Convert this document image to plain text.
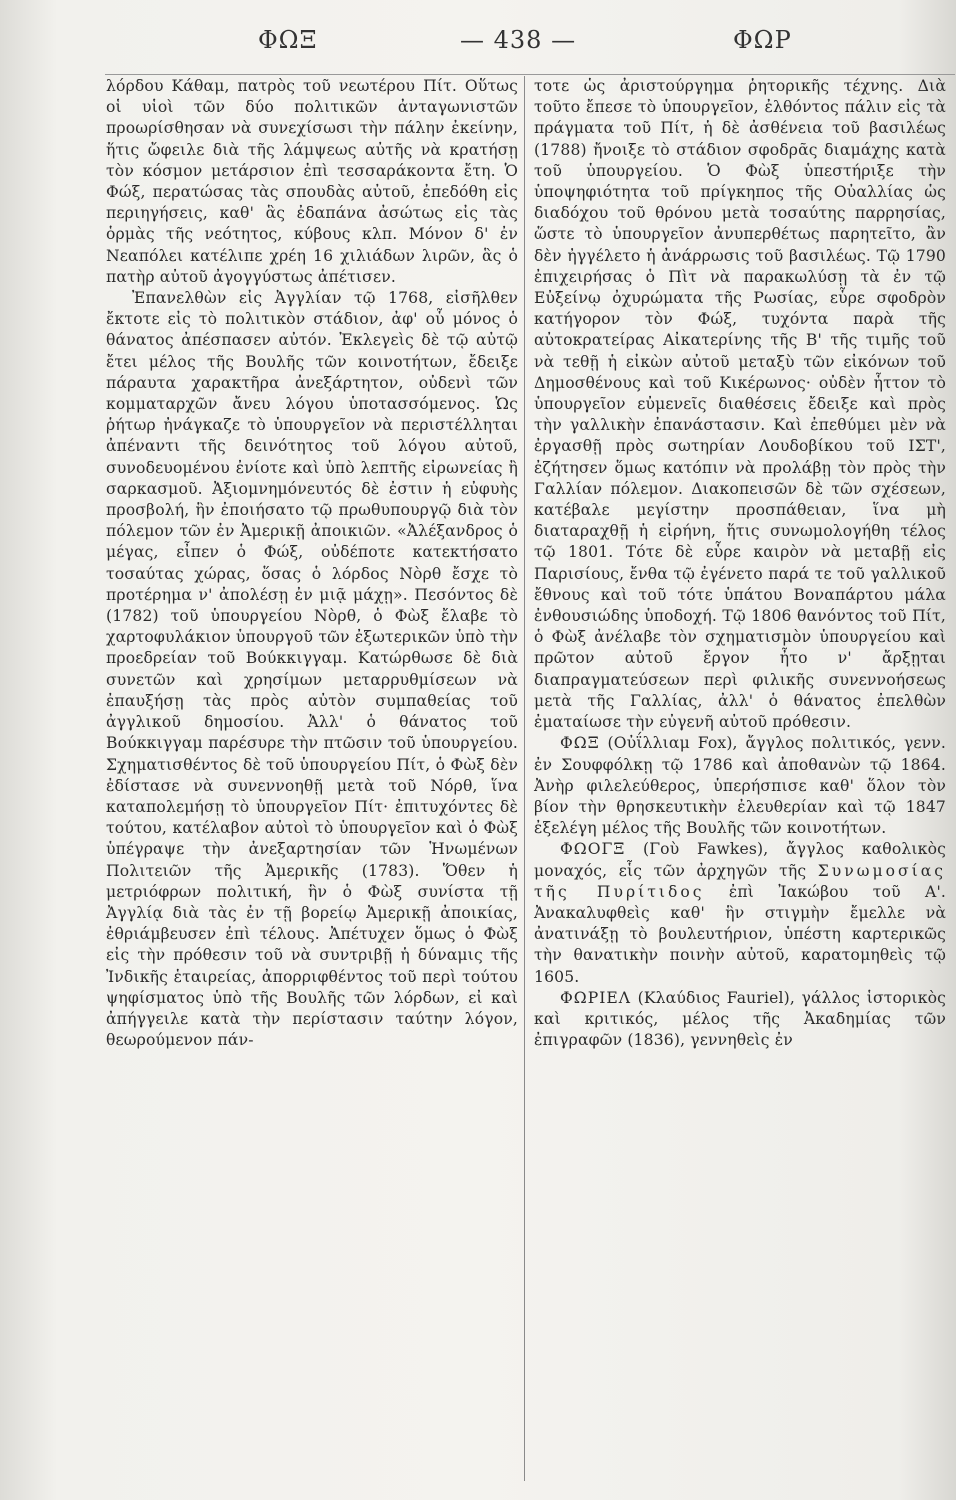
ΦΩΞ	— 438 —	ΦΩΡ

λόρδου Κάθαμ, πατρὸς τοῦ νεωτέρου Πίτ. Οὕτως οἱ υἱοὶ τῶν δύο πολιτικῶν ἀνταγωνιστῶν προωρίσθησαν νὰ συνεχίσωσι τὴν πάλην ἐκείνην, ἥτις ὤφειλε διὰ τῆς λάμψεως αὐτῆς νὰ κρατήσῃ τὸν κόσμον μετάρσιον ἐπὶ τεσσαράκοντα ἔτη. Ὁ Φώξ, περατώσας τὰς σπουδὰς αὐτοῦ, ἐπεδόθη εἰς περιηγήσεις, καθ' ἃς ἐδαπάνα ἀσώτως εἰς τὰς ὁρμὰς τῆς νεότητος, κύβους κλπ. Μόνον δ' ἐν Νεαπόλει κατέλιπε χρέη 16 χιλιάδων λιρῶν, ἃς ὁ πατὴρ αὐτοῦ ἀγογγύστως ἀπέτισεν.

Ἐπανελθὼν εἰς Ἀγγλίαν τῷ 1768, εἰσῆλθεν ἔκτοτε εἰς τὸ πολιτικὸν στάδιον, ἀφ' οὗ μόνος ὁ θάνατος ἀπέσπασεν αὐτόν. Ἐκλεγεὶς δὲ τῷ αὐτῷ ἔτει μέλος τῆς Βουλῆς τῶν κοινοτήτων, ἔδειξε πάραυτα χαρακτῆρα ἀνεξάρτητον, οὐδενὶ τῶν κομματαρχῶν ἄνευ λόγου ὑποτασσόμενος. Ὡς ῥήτωρ ἠνάγκαζε τὸ ὑπουργεῖον νὰ περιστέλληται ἀπέναντι τῆς δεινότητος τοῦ λόγου αὐτοῦ, συνοδευομένου ἐνίοτε καὶ ὑπὸ λεπτῆς εἰρωνείας ἢ σαρκασμοῦ. Ἀξιομνημόνευτός δὲ ἐστιν ἡ εὐφυὴς προσβολή, ἣν ἐποιήσατο τῷ πρωθυπουργῷ διὰ τὸν πόλεμον τῶν ἐν Ἀμερικῇ ἀποικιῶν. «Ἀλέξανδρος ὁ μέγας, εἶπεν ὁ Φώξ, οὐδέποτε κατεκτήσατο τοσαύτας χώρας, ὅσας ὁ λόρδος Νὸρθ ἔσχε τὸ προτέρημα ν' ἀπολέσῃ ἐν μιᾷ μάχῃ». Πεσόντος δὲ (1782) τοῦ ὑπουργείου Νὸρθ, ὁ Φὼξ ἔλαβε τὸ χαρτοφυλάκιον ὑπουργοῦ τῶν ἐξωτερικῶν ὑπὸ τὴν προεδρείαν τοῦ Βούκκιγγαμ. Κατώρθωσε δὲ διὰ συνετῶν καὶ χρησίμων μεταρρυθμίσεων νὰ ἐπαυξήσῃ τὰς πρὸς αὐτὸν συμπαθείας τοῦ ἀγγλικοῦ δημοσίου. Ἀλλ' ὁ θάνατος τοῦ Βούκκιγγαμ παρέσυρε τὴν πτῶσιν τοῦ ὑπουργείου. Σχηματισθέντος δὲ τοῦ ὑπουργείου Πίτ, ὁ Φὼξ δὲν ἐδίστασε νὰ συνεννοηθῇ μετὰ τοῦ Νόρθ, ἵνα καταπολεμήσῃ τὸ ὑπουργεῖον Πίτ· ἐπιτυχόντες δὲ τούτου, κατέλαβον αὐτοὶ τὸ ὑπουργεῖον καὶ ὁ Φὼξ ὑπέγραψε τὴν ἀνεξαρτησίαν τῶν Ἡνωμένων Πολιτειῶν τῆς Ἀμερικῆς (1783). Ὅθεν ἡ μετριόφρων πολιτική, ἣν ὁ Φὼξ συνίστα τῇ Ἀγγλίᾳ διὰ τὰς ἐν τῇ βορείῳ Ἀμερικῇ ἀποικίας, ἐθριάμβευσεν ἐπὶ τέλους. Ἀπέτυχεν ὅμως ὁ Φὼξ εἰς τὴν πρόθεσιν τοῦ νὰ συντριβῇ ἡ δύναμις τῆς Ἰνδικῆς ἑταιρείας, ἀπορριφθέντος τοῦ περὶ τούτου ψηφίσματος ὑπὸ τῆς Βουλῆς τῶν λόρδων, εἰ καὶ ἀπήγγειλε κατὰ τὴν περίστασιν ταύτην λόγον, θεωρούμενον πάν-

τοτε ὡς ἀριστούργημα ῥητορικῆς τέχνης. Διὰ τοῦτο ἔπεσε τὸ ὑπουργεῖον, ἐλθόντος πάλιν εἰς τὰ πράγματα τοῦ Πίτ, ἡ δὲ ἀσθένεια τοῦ βασιλέως (1788) ἤνοιξε τὸ στάδιον σφοδρᾶς διαμάχης κατὰ τοῦ ὑπουργείου. Ὁ Φὼξ ὑπεστήριξε τὴν ὑποψηφιότητα τοῦ πρίγκηπος τῆς Οὐαλλίας ὡς διαδόχου τοῦ θρόνου μετὰ τοσαύτης παρρησίας, ὥστε τὸ ὑπουργεῖον ἀνυπερθέτως παρητεῖτο, ἂν δὲν ἠγγέλετο ἡ ἀνάρρωσις τοῦ βασιλέως. Τῷ 1790 ἐπιχειρήσας ὁ Πὶτ νὰ παρακωλύσῃ τὰ ἐν τῷ Εὐξείνῳ ὀχυρώματα τῆς Ρωσίας, εὗρε σφοδρὸν κατήγορον τὸν Φώξ, τυχόντα παρὰ τῆς αὐτοκρατείρας Αἰκατερίνης τῆς Β' τῆς τιμῆς τοῦ νὰ τεθῇ ἡ εἰκὼν αὐτοῦ μεταξὺ τῶν εἰκόνων τοῦ Δημοσθένους καὶ τοῦ Κικέρωνος· οὐδὲν ἧττον τὸ ὑπουργεῖον εὐμενεῖς διαθέσεις ἔδειξε καὶ πρὸς τὴν γαλλικὴν ἐπανάστασιν. Καὶ ἐπεθύμει μὲν νὰ ἐργασθῇ πρὸς σωτηρίαν Λουδοβίκου τοῦ ΙΣΤ', ἐζήτησεν ὅμως κατόπιν νὰ προλάβῃ τὸν πρὸς τὴν Γαλλίαν πόλεμον. Διακοπεισῶν δὲ τῶν σχέσεων, κατέβαλε μεγίστην προσπάθειαν, ἵνα μὴ διαταραχθῇ ἡ εἰρήνη, ἥτις συνωμολογήθη τέλος τῷ 1801. Τότε δὲ εὗρε καιρὸν νὰ μεταβῇ εἰς Παρισίους, ἔνθα τῷ ἐγένετο παρά τε τοῦ γαλλικοῦ ἔθνους καὶ τοῦ τότε ὑπάτου Βοναπάρτου μάλα ἐνθουσιώδης ὑποδοχή. Τῷ 1806 θανόντος τοῦ Πίτ, ὁ Φὼξ ἀνέλαβε τὸν σχηματισμὸν ὑπουργείου καὶ πρῶτον αὐτοῦ ἔργον ἦτο ν' ἄρξῃται διαπραγματεύσεων περὶ φιλικῆς συνεννοήσεως μετὰ τῆς Γαλλίας, ἀλλ' ὁ θάνατος ἐπελθὼν ἐματαίωσε τὴν εὐγενῆ αὐτοῦ πρόθεσιν.

ΦΩΞ (Οὐΐλλιαμ Fox), ἄγγλος πολιτικός, γενν. ἐν Σουφφόλκῃ τῷ 1786 καὶ ἀποθανὼν τῷ 1864. Ἀνὴρ φιλελεύθερος, ὑπερήσπισε καθ' ὅλον τὸν βίον τὴν θρησκευτικὴν ἐλευθερίαν καὶ τῷ 1847 ἐξελέγη μέλος τῆς Βουλῆς τῶν κοινοτήτων.

ΦΩΟΓΞ (Γοὺ Fawkes), ἄγγλος καθολικὸς μοναχός, εἷς τῶν ἀρχηγῶν τῆς Συνωμοσίας τῆς Πυρίτιδος ἐπὶ Ἰακώβου τοῦ Α'. Ἀνακαλυφθεὶς καθ' ἣν στιγμὴν ἔμελλε νὰ ἀνατινάξῃ τὸ βουλευτήριον, ὑπέστη καρτερικῶς τὴν θανατικὴν ποινὴν αὐτοῦ, καρατομηθεὶς τῷ 1605.

ΦΩΡΙΕΛ (Κλαύδιος Fauriel), γάλλος ἱστορικὸς καὶ κριτικός, μέλος τῆς Ἀκαδημίας τῶν ἐπιγραφῶν (1836), γεννηθεὶς ἐν
